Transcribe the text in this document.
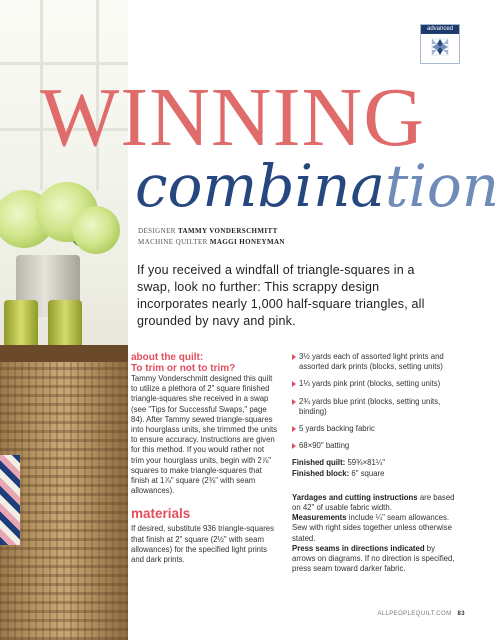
advanced
WINNING
combination
DESIGNER TAMMY VONDERSCHMITT
MACHINE QUILTER MAGGI HONEYMAN
If you received a windfall of triangle-squares in a swap, look no further: This scrappy design incorporates nearly 1,000 half-square triangles, all grounded by navy and pink.
about the quilt:
To trim or not to trim?
Tammy Vonderschmitt designed this quilt to utilize a plethora of 2" square finished triangle-squares she received in a swap (see "Tips for Successful Swaps," page 84). After Tammy sewed triangle-squares into hourglass units, she trimmed the units to ensure accuracy. Instructions are given for this method. If you would rather not trim your hourglass units, begin with 2⅞" squares to make triangle-squares that finish at 1⅞" square (2⅜" with seam allowances).
materials
If desired, substitute 936 triangle-squares that finish at 2" square (2½" with seam allowances) for the specified light prints and dark prints.
3½ yards each of assorted light prints and assorted dark prints (blocks, setting units)
1⅓ yards pink print (blocks, setting units)
2¾ yards blue print (blocks, setting units, binding)
5 yards backing fabric
68×90" batting
Finished quilt: 59¾×81¼"
Finished block: 6" square
Yardages and cutting instructions are based on 42" of usable fabric width.
Measurements include ¼" seam allowances. Sew with right sides together unless otherwise stated.
Press seams in directions indicated by arrows on diagrams. If no direction is specified, press seam toward darker fabric.
ALLPEOPLEQUILT.COM 83
